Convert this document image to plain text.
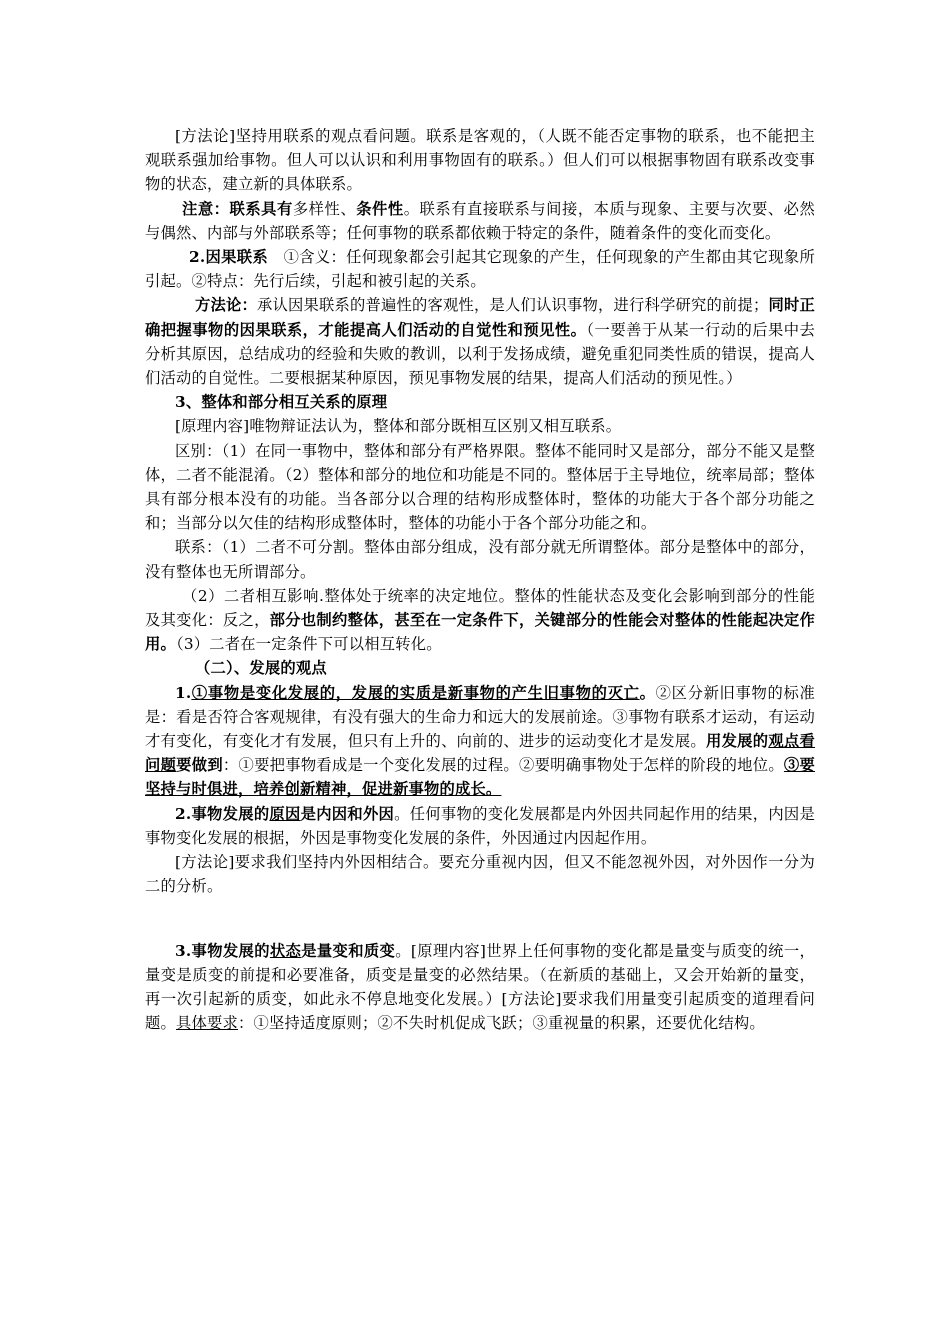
[方法论]坚持用联系的观点看问题。联系是客观的，（人既不能否定事物的联系，也不能把主观联系强加给事物。但人可以认识和利用事物固有的联系。）但人们可以根据事物固有联系改变事物的状态，建立新的具体联系。

注意：联系具有多样性、条件性。联系有直接联系与间接，本质与现象、主要与次要、必然与偶然、内部与外部联系等；任何事物的联系都依赖于特定的条件，随着条件的变化而变化。

2.因果联系　①含义：任何现象都会引起其它现象的产生，任何现象的产生都由其它现象所引起。②特点：先行后续，引起和被引起的关系。

方法论：承认因果联系的普遍性的客观性，是人们认识事物，进行科学研究的前提；同时正确把握事物的因果联系，才能提高人们活动的自觉性和预见性。（一要善于从某一行动的后果中去分析其原因，总结成功的经验和失败的教训，以利于发扬成绩，避免重犯同类性质的错误，提高人们活动的自觉性。二要根据某种原因，预见事物发展的结果，提高人们活动的预见性。）

3、整体和部分相互关系的原理

[原理内容]唯物辩证法认为，整体和部分既相互区别又相互联系。

区别：（1）在同一事物中，整体和部分有严格界限。整体不能同时又是部分，部分不能又是整体，二者不能混淆。（2）整体和部分的地位和功能是不同的。整体居于主导地位，统率局部；整体具有部分根本没有的功能。当各部分以合理的结构形成整体时，整体的功能大于各个部分功能之和；当部分以欠佳的结构形成整体时，整体的功能小于各个部分功能之和。

联系：（1）二者不可分割。整体由部分组成，没有部分就无所谓整体。部分是整体中的部分，没有整体也无所谓部分。

（2）二者相互影响.整体处于统率的决定地位。整体的性能状态及变化会影响到部分的性能及其变化：反之，部分也制约整体，甚至在一定条件下，关键部分的性能会对整体的性能起决定作用。（3）二者在一定条件下可以相互转化。

（二）、发展的观点

1.①事物是变化发展的，发展的实质是新事物的产生旧事物的灭亡。②区分新旧事物的标准是：看是否符合客观规律，有没有强大的生命力和远大的发展前途。③事物有联系才运动，有运动才有变化，有变化才有发展，但只有上升的、向前的、进步的运动变化才是发展。用发展的观点看问题要做到：①要把事物看成是一个变化发展的过程。②要明确事物处于怎样的阶段的地位。③要坚持与时俱进，培养创新精神，促进新事物的成长。

2.事物发展的原因是内因和外因。任何事物的变化发展都是内外因共同起作用的结果，内因是事物变化发展的根据，外因是事物变化发展的条件，外因通过内因起作用。

[方法论]要求我们坚持内外因相结合。要充分重视内因，但又不能忽视外因，对外因作一分为二的分析。

3.事物发展的状态是量变和质变。[原理内容]世界上任何事物的变化都是量变与质变的统一，量变是质变的前提和必要准备，质变是量变的必然结果。（在新质的基础上，又会开始新的量变，再一次引起新的质变，如此永不停息地变化发展。）[方法论]要求我们用量变引起质变的道理看问题。具体要求：①坚持适度原则；②不失时机促成飞跃；③重视量的积累，还要优化结构。
